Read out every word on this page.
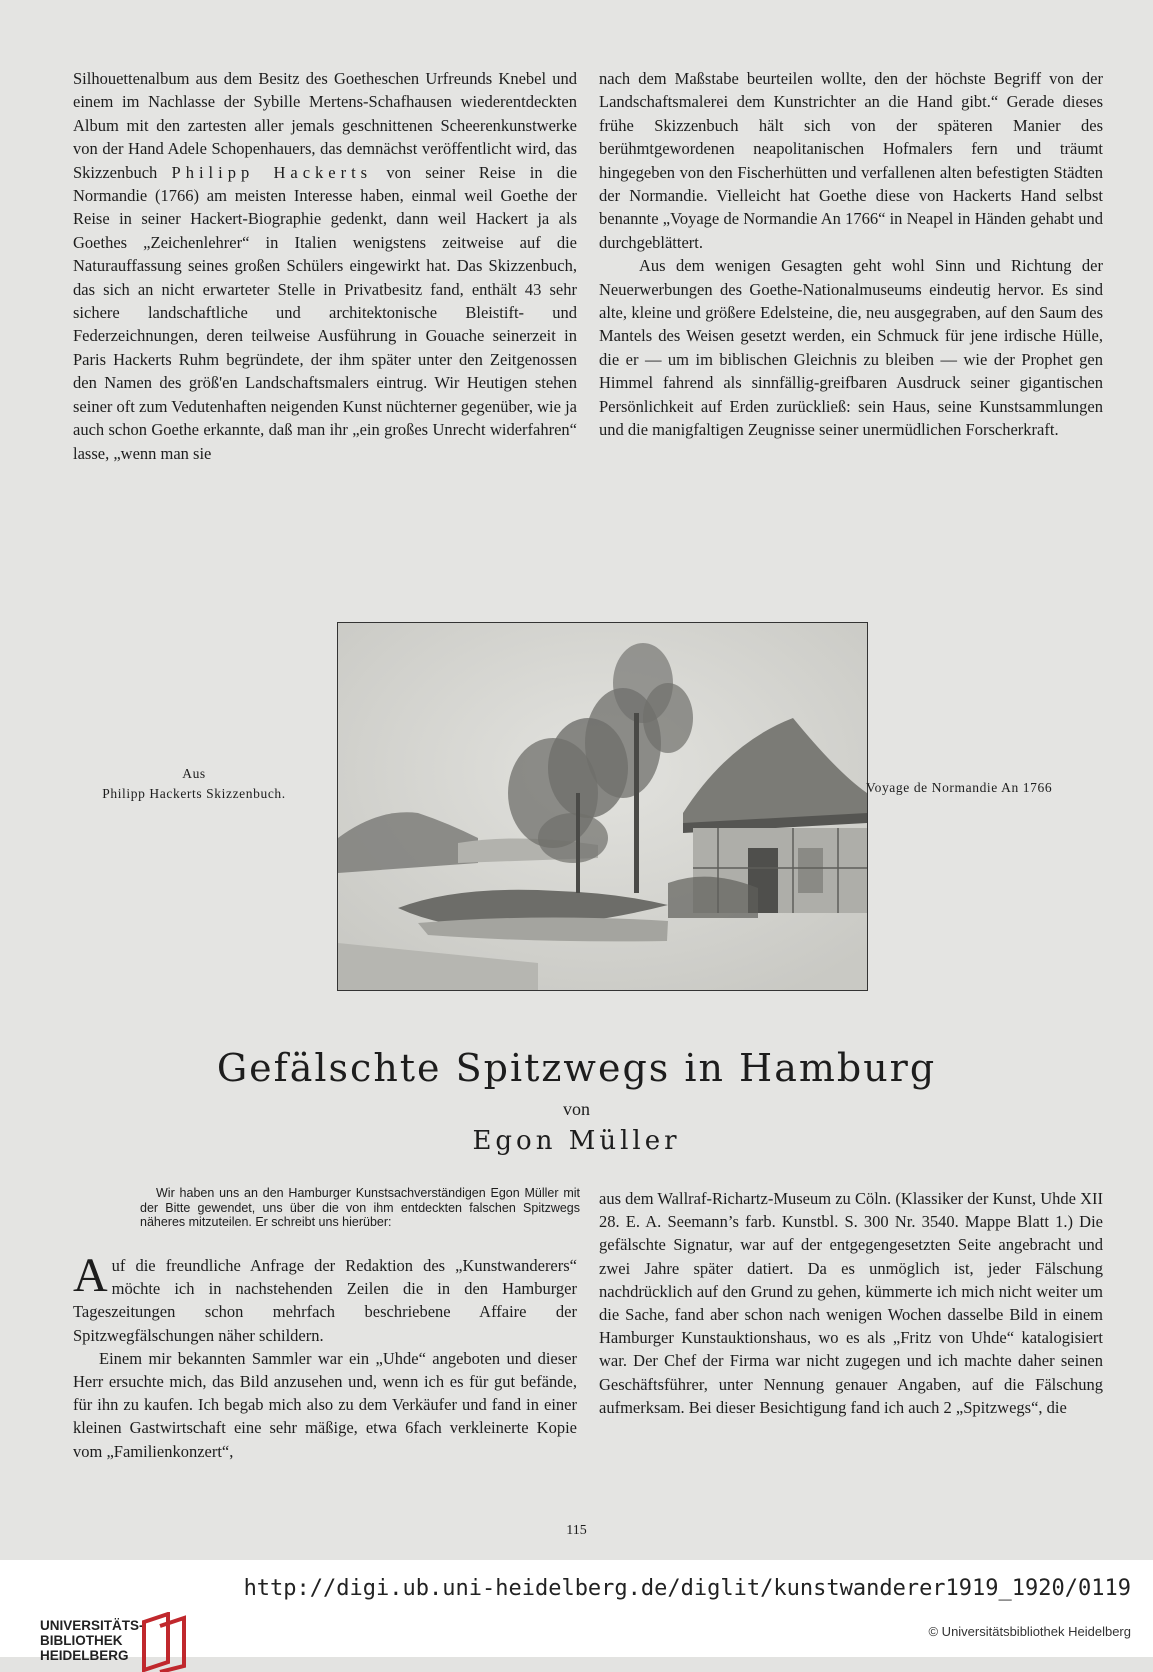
Silhouettenalbum aus dem Besitz des Goetheschen Urfreunds Knebel und einem im Nachlasse der Sybille Mertens-Schafhausen wiederentdeckten Album mit den zartesten aller jemals geschnittenen Scheerenkunstwerke von der Hand Adele Schopenhauers, das demnächst veröffentlicht wird, das Skizzenbuch Philipp Hackerts von seiner Reise in die Normandie (1766) am meisten Interesse haben, einmal weil Goethe der Reise in seiner Hackert-Biographie gedenkt, dann weil Hackert ja als Goethes „Zeichenlehrer“ in Italien wenigstens zeitweise auf die Naturauffassung seines großen Schülers eingewirkt hat. Das Skizzenbuch, das sich an nicht erwarteter Stelle in Privatbesitz fand, enthält 43 sehr sichere landschaftliche und architektonische Bleistift- und Federzeichnungen, deren teilweise Ausführung in Gouache seinerzeit in Paris Hackerts Ruhm begründete, der ihm später unter den Zeitgenossen den Namen des größ'en Landschaftsmalers eintrug. Wir Heutigen stehen seiner oft zum Vedutenhaften neigenden Kunst nüchterner gegenüber, wie ja auch schon Goethe erkannte, daß man ihr „ein großes Unrecht widerfahren“ lasse, „wenn man sie

nach dem Maßstabe beurteilen wollte, den der höchste Begriff von der Landschaftsmalerei dem Kunstrichter an die Hand gibt.“ Gerade dieses frühe Skizzenbuch hält sich von der späteren Manier des berühmtgewordenen neapolitanischen Hofmalers fern und träumt hingegeben von den Fischerhütten und verfallenen alten befestigten Städten der Normandie. Vielleicht hat Goethe diese von Hackerts Hand selbst benannte „Voyage de Normandie An 1766“ in Neapel in Händen gehabt und durchgeblättert.

Aus dem wenigen Gesagten geht wohl Sinn und Richtung der Neuerwerbungen des Goethe-Nationalmuseums eindeutig hervor. Es sind alte, kleine und größere Edelsteine, die, neu ausgegraben, auf den Saum des Mantels des Weisen gesetzt werden, ein Schmuck für jene irdische Hülle, die er — um im biblischen Gleichnis zu bleiben — wie der Prophet gen Himmel fahrend als sinnfällig-greifbaren Ausdruck seiner gigantischen Persönlichkeit auf Erden zurückließ: sein Haus, seine Kunstsammlungen und die manigfaltigen Zeugnisse seiner unermüdlichen Forscherkraft.

Aus
Philipp Hackerts Skizzenbuch.	Voyage de Normandie An 1766
Gefälschte Spitzwegs in Hamburg
von
Egon Müller

Wir haben uns an den Hamburger Kunstsachverständigen Egon Müller mit der Bitte gewendet, uns über die von ihm entdeckten falschen Spitzwegs näheres mitzuteilen. Er schreibt uns hierüber:

Auf die freundliche Anfrage der Redaktion des „Kunstwanderers“ möchte ich in nachstehenden Zeilen die in den Hamburger Tageszeitungen schon mehrfach beschriebene Affaire der Spitzwegfälschungen näher schildern.

Einem mir bekannten Sammler war ein „Uhde“ angeboten und dieser Herr ersuchte mich, das Bild anzusehen und, wenn ich es für gut befände, für ihn zu kaufen. Ich begab mich also zu dem Verkäufer und fand in einer kleinen Gastwirtschaft eine sehr mäßige, etwa 6fach verkleinerte Kopie vom „Familienkonzert“,

aus dem Wallraf-Richartz-Museum zu Cöln. (Klassiker der Kunst, Uhde XII 28. E. A. Seemann’s farb. Kunstbl. S. 300 Nr. 3540. Mappe Blatt 1.) Die gefälschte Signatur, war auf der entgegengesetzten Seite angebracht und zwei Jahre später datiert. Da es unmöglich ist, jeder Fälschung nachdrücklich auf den Grund zu gehen, kümmerte ich mich nicht weiter um die Sache, fand aber schon nach wenigen Wochen dasselbe Bild in einem Hamburger Kunstauktionshaus, wo es als „Fritz von Uhde“ katalogisiert war. Der Chef der Firma war nicht zugegen und ich machte daher seinen Geschäftsführer, unter Nennung genauer Angaben, auf die Fälschung aufmerksam. Bei dieser Besichtigung fand ich auch 2 „Spitzwegs“, die

115
UNIVERSITÄTS-
BIBLIOTHEK
HEIDELBERG
http://digi.ub.uni-heidelberg.de/diglit/kunstwanderer1919_1920/0119
© Universitätsbibliothek Heidelberg
